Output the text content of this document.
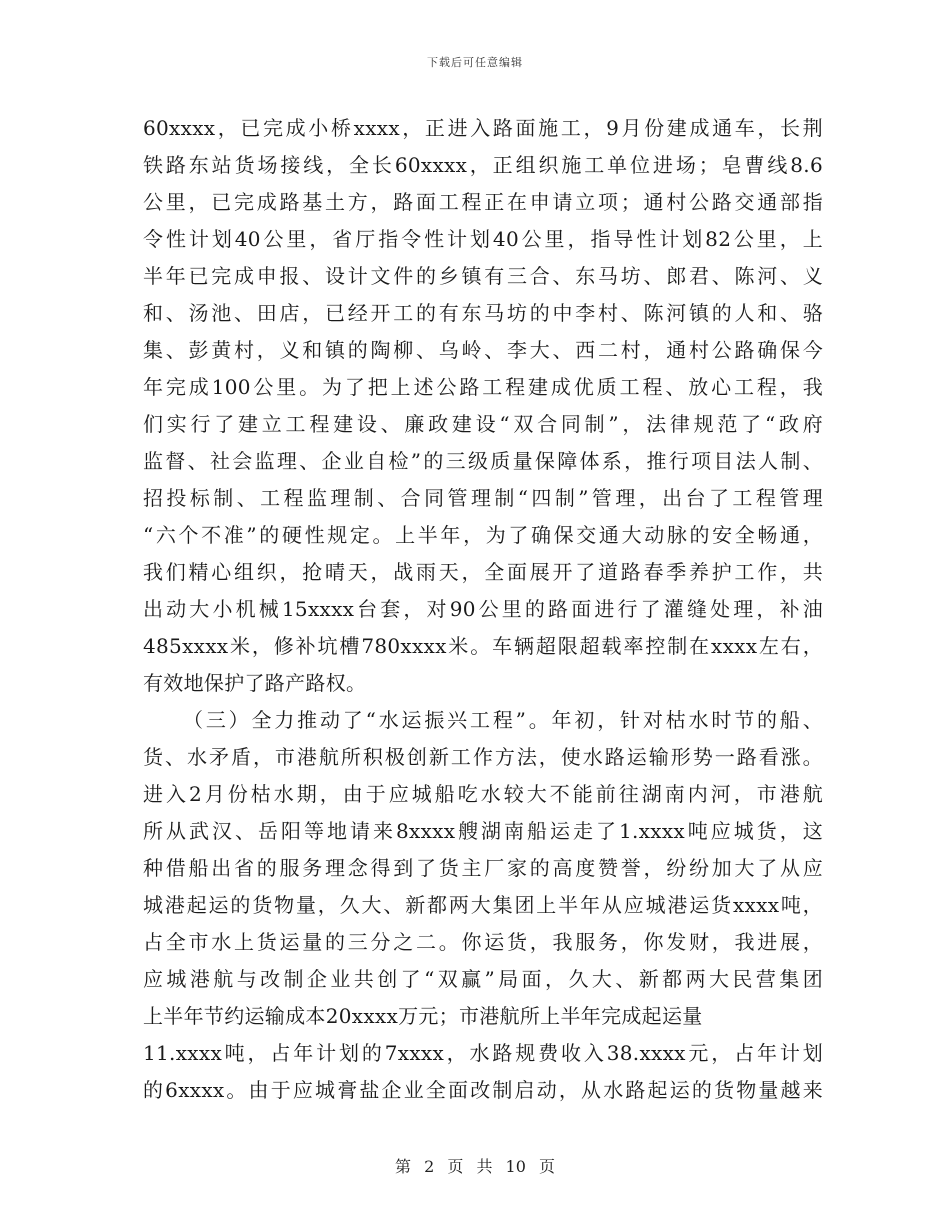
下载后可任意编辑
60xxxx，已完成小桥xxxx，正进入路面施工，9月份建成通车，长荆
铁路东站货场接线，全长60xxxx，正组织施工单位进场；皂曹线8.6
公里，已完成路基土方，路面工程正在申请立项；通村公路交通部指
令性计划40公里，省厅指令性计划40公里，指导性计划82公里，上
半年已完成申报、设计文件的乡镇有三合、东马坊、郎君、陈河、义
和、汤池、田店，已经开工的有东马坊的中李村、陈河镇的人和、骆
集、彭黄村，义和镇的陶柳、乌岭、李大、西二村，通村公路确保今
年完成100公里。为了把上述公路工程建成优质工程、放心工程，我
们实行了建立工程建设、廉政建设“双合同制”，法律规范了“政府
监督、社会监理、企业自检”的三级质量保障体系，推行项目法人制、
招投标制、工程监理制、合同管理制“四制”管理，出台了工程管理
“六个不准”的硬性规定。上半年，为了确保交通大动脉的安全畅通，
我们精心组织，抢晴天，战雨天，全面展开了道路春季养护工作，共
出动大小机械15xxxx台套，对90公里的路面进行了灌缝处理，补油
485xxxx米，修补坑槽780xxxx米。车辆超限超载率控制在xxxx左右，
有效地保护了路产路权。
（三）全力推动了“水运振兴工程”。年初，针对枯水时节的船、
货、水矛盾，市港航所积极创新工作方法，使水路运输形势一路看涨。
进入2月份枯水期，由于应城船吃水较大不能前往湖南内河，市港航
所从武汉、岳阳等地请来8xxxx艘湖南船运走了1.xxxx吨应城货，这
种借船出省的服务理念得到了货主厂家的高度赞誉，纷纷加大了从应
城港起运的货物量，久大、新都两大集团上半年从应城港运货xxxx吨，
占全市水上货运量的三分之二。你运货，我服务，你发财，我进展，
应城港航与改制企业共创了“双赢”局面，久大、新都两大民营集团
上半年节约运输成本20xxxx万元；市港航所上半年完成起运量
11.xxxx吨，占年计划的7xxxx，水路规费收入38.xxxx元，占年计划
的6xxxx。由于应城膏盐企业全面改制启动，从水路起运的货物量越来
第 2 页 共 10 页
